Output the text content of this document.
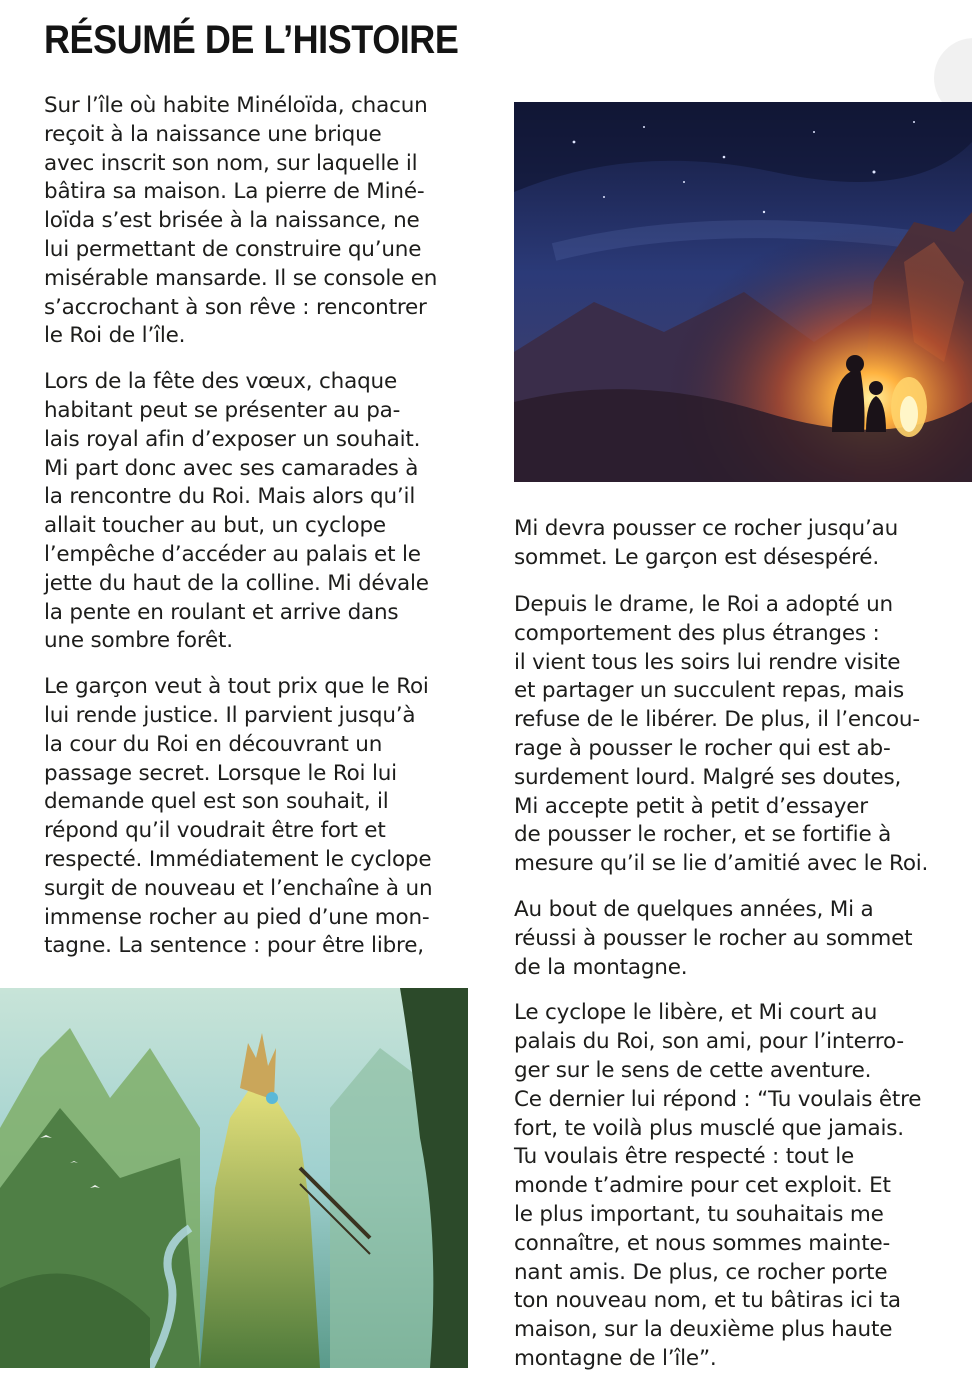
RÉSUMÉ DE L’HISTOIRE

Sur l’île où habite Minéloïda, chacun
reçoit à la naissance une brique
avec inscrit son nom, sur laquelle il
bâtira sa maison. La pierre de Miné-
loïda s’est brisée à la naissance, ne
lui permettant de construire qu’une
misérable mansarde. Il se console en
s’accrochant à son rêve : rencontrer
le Roi de l’île.

Lors de la fête des vœux, chaque
habitant peut se présenter au pa-
lais royal afin d’exposer un souhait.
Mi part donc avec ses camarades à
la rencontre du Roi. Mais alors qu’il
allait toucher au but, un cyclope
l’empêche d’accéder au palais et le
jette du haut de la colline. Mi dévale
la pente en roulant et arrive dans
une sombre forêt.

Le garçon veut à tout prix que le Roi
lui rende justice. Il parvient jusqu’à
la cour du Roi en découvrant un
passage secret. Lorsque le Roi lui
demande quel est son souhait, il
répond qu’il voudrait être fort et
respecté. Immédiatement le cyclope
surgit de nouveau et l’enchaîne à un
immense rocher au pied d’une mon-
tagne. La sentence : pour être libre,

Mi devra pousser ce rocher jusqu’au
sommet. Le garçon est désespéré.

Depuis le drame, le Roi a adopté un
comportement des plus étranges :
il vient tous les soirs lui rendre visite
et partager un succulent repas, mais
refuse de le libérer. De plus, il l’encou-
rage à pousser le rocher qui est ab-
surdement lourd. Malgré ses doutes,
Mi accepte petit à petit d’essayer
de pousser le rocher, et se fortifie à
mesure qu’il se lie d’amitié avec le Roi.

Au bout de quelques années, Mi a
réussi à pousser le rocher au sommet
de la montagne.

Le cyclope le libère, et Mi court au
palais du Roi, son ami, pour l’interro-
ger sur le sens de cette aventure.
Ce dernier lui répond : “Tu voulais être
fort, te voilà plus musclé que jamais.
Tu voulais être respecté : tout le
monde t’admire pour cet exploit. Et
le plus important, tu souhaitais me
connaître, et nous sommes mainte-
nant amis. De plus, ce rocher porte
ton nouveau nom, et tu bâtiras ici ta
maison, sur la deuxième plus haute
montagne de l’île”.
